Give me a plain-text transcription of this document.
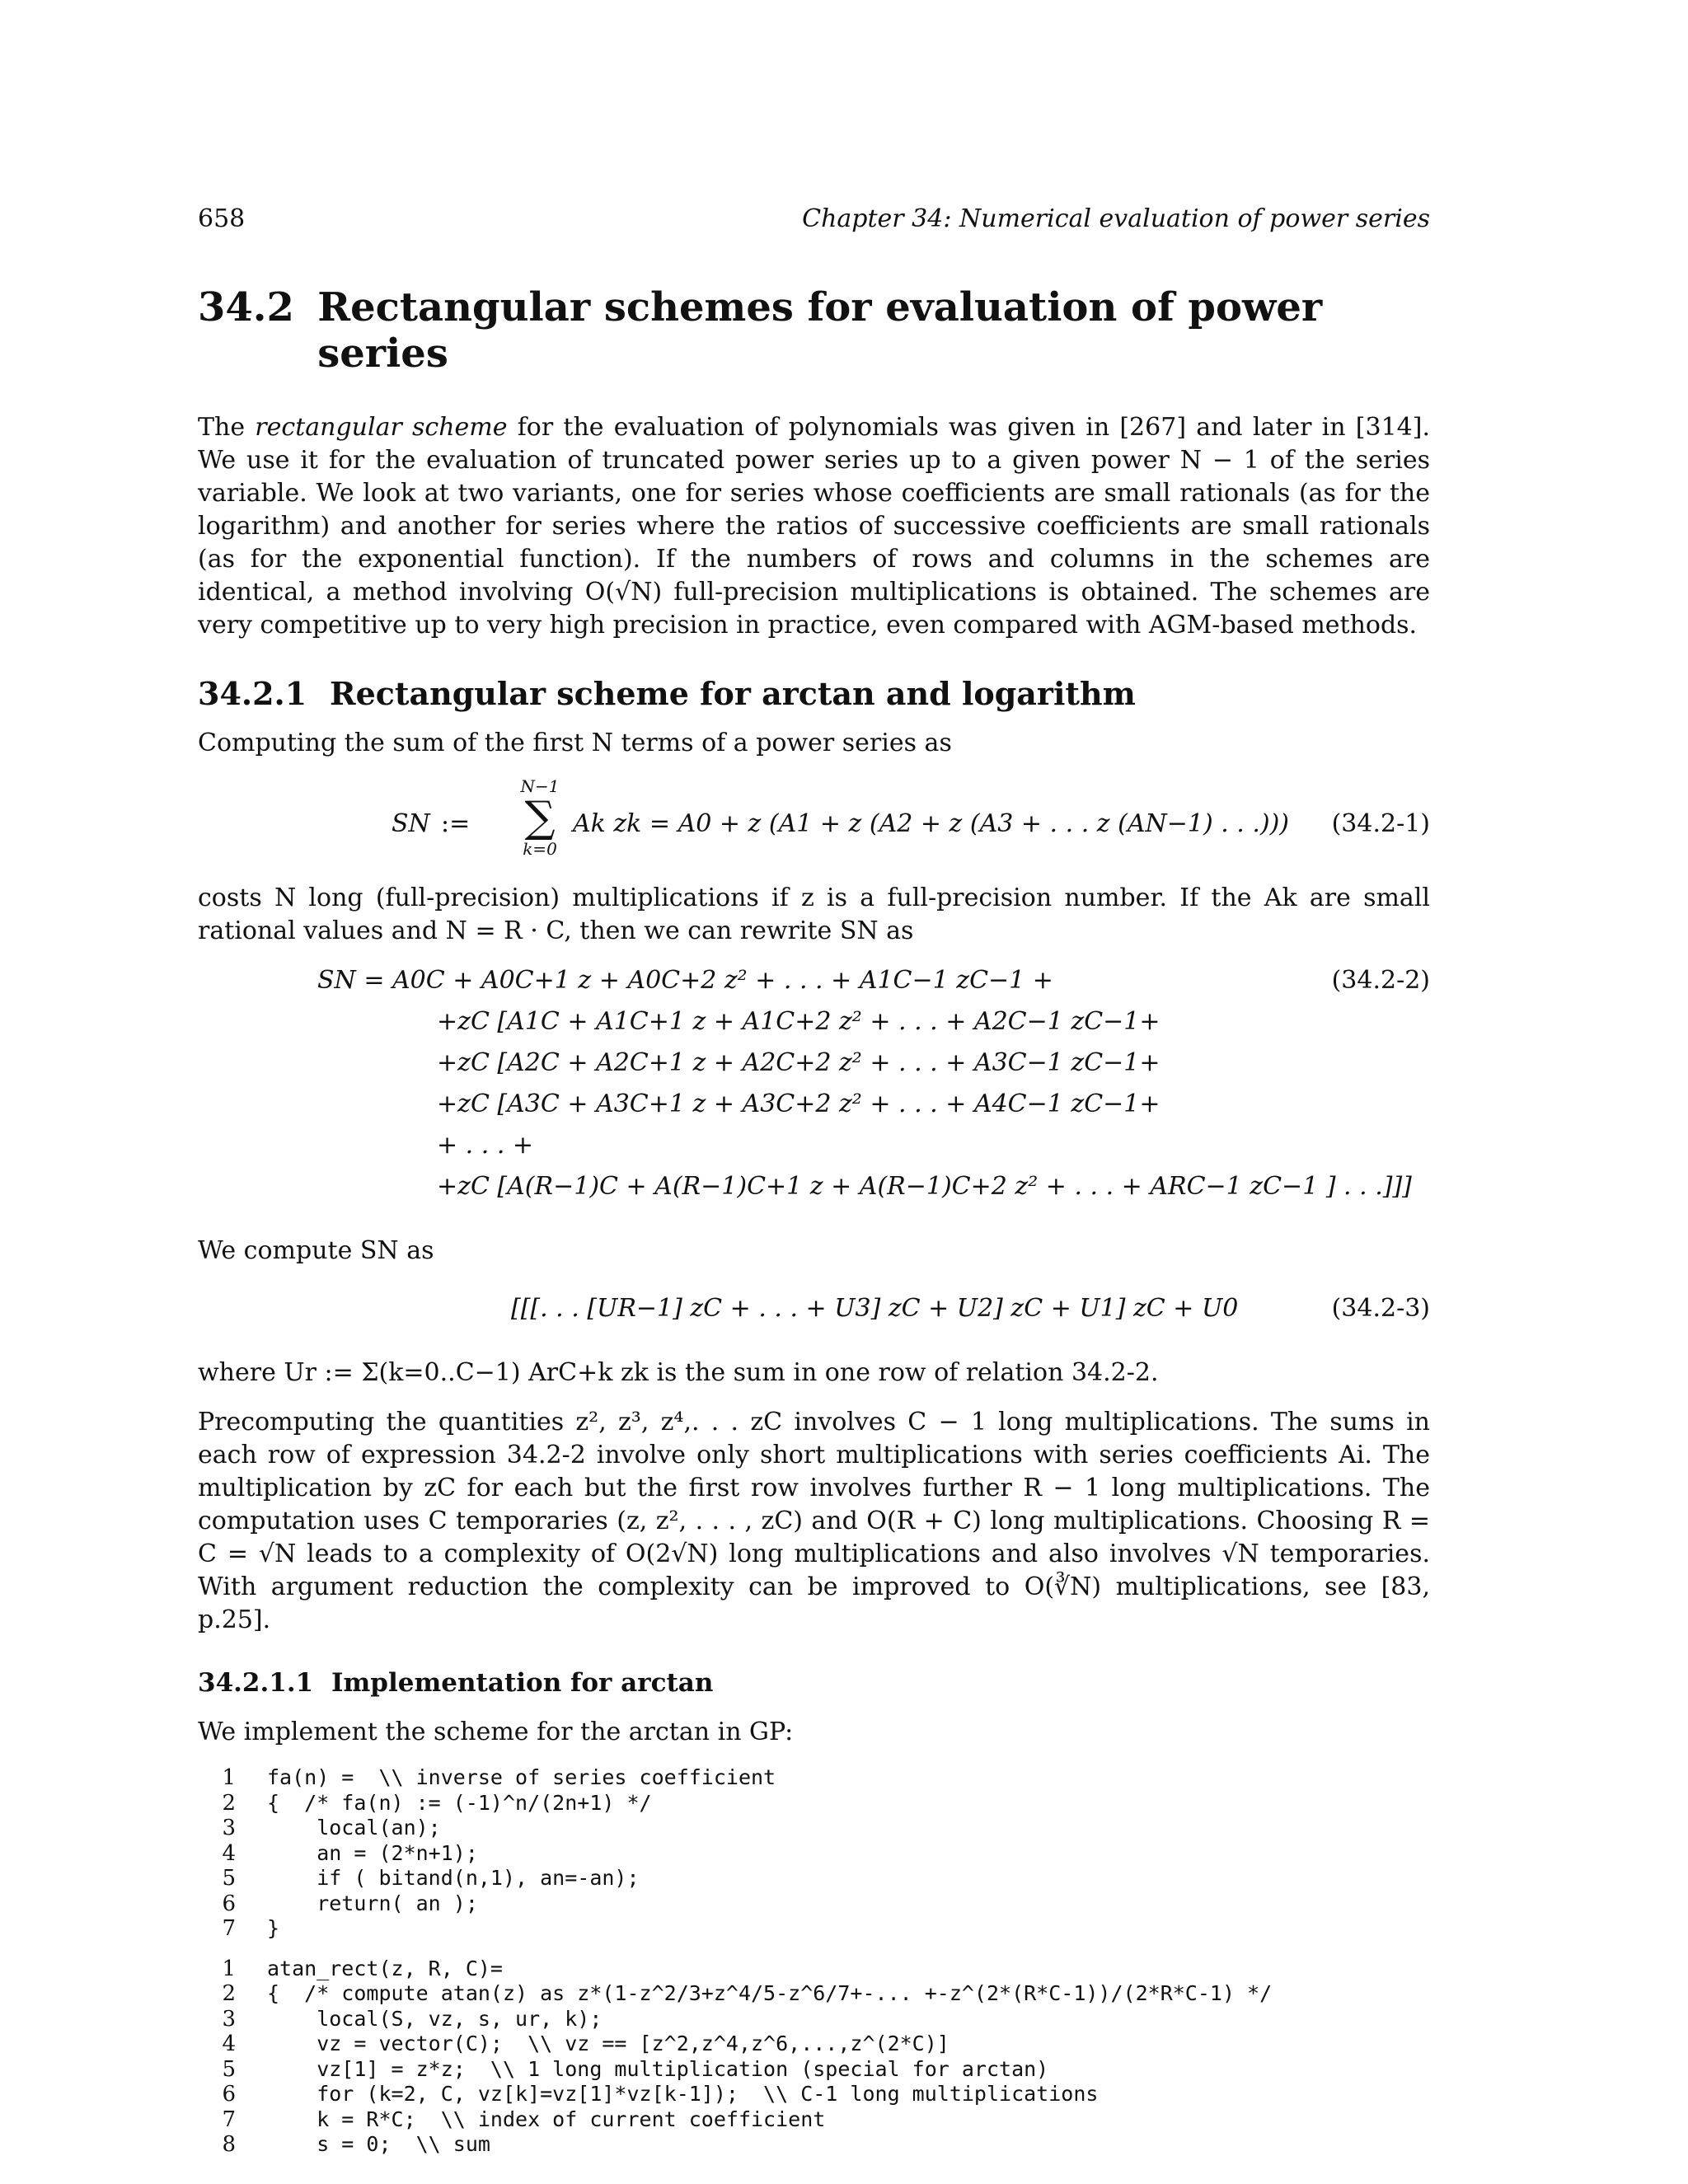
658	Chapter 34: Numerical evaluation of power series
34.2 Rectangular schemes for evaluation of power series

The rectangular scheme for the evaluation of polynomials was given in [267] and later in [314]. We use it for the evaluation of truncated power series up to a given power N − 1 of the series variable. We look at two variants, one for series whose coefficients are small rationals (as for the logarithm) and another for series where the ratios of successive coefficients are small rationals (as for the exponential function). If the numbers of rows and columns in the schemes are identical, a method involving O(√N) full-precision multiplications is obtained. The schemes are very competitive up to very high precision in practice, even compared with AGM-based methods.

34.2.1 Rectangular scheme for arctan and logarithm

Computing the sum of the first N terms of a power series as

SN :=
N−1
∑
k=0
Ak zk = A0 + z (A1 + z (A2 + z (A3 + . . . z (AN−1) . . .))) (34.2-1)

costs N long (full-precision) multiplications if z is a full-precision number. If the Ak are small rational values and N = R · C, then we can rewrite SN as

SN = A0C + A0C+1 z + A0C+2 z² + . . . + A1C−1 zC−1 +
+zC [A1C + A1C+1 z + A1C+2 z² + . . . + A2C−1 zC−1+
+zC [A2C + A2C+1 z + A2C+2 z² + . . . + A3C−1 zC−1+
+zC [A3C + A3C+1 z + A3C+2 z² + . . . + A4C−1 zC−1+
+ . . . +
+zC [A(R−1)C + A(R−1)C+1 z + A(R−1)C+2 z² + . . . + ARC−1 zC−1 ] . . .]]]
(34.2-2)

We compute SN as

[[[. . . [UR−1] zC + . . . + U3] zC + U2] zC + U1] zC + U0	(34.2-3)

where Ur := Σ(k=0..C−1) ArC+k zk is the sum in one row of relation 34.2-2.

Precomputing the quantities z², z³, z⁴,. . . zC involves C − 1 long multiplications. The sums in each row of expression 34.2-2 involve only short multiplications with series coefficients Ai. The multiplication by zC for each but the first row involves further R − 1 long multiplications. The computation uses C temporaries (z, z², . . . , zC) and O(R + C) long multiplications. Choosing R = C = √N leads to a complexity of O(2√N) long multiplications and also involves √N temporaries. With argument reduction the complexity can be improved to O(∛N) multiplications, see [83, p.25].

34.2.1.1 Implementation for arctan

We implement the scheme for the arctan in GP:

1	fa(n) =  \\ inverse of series coefficient
2	{  /* fa(n) := (-1)^n/(2n+1) */
3	local(an);
4	an = (2*n+1);
5	if ( bitand(n,1), an=-an);
6	return( an );
7	}
1	atan_rect(z, R, C)=
2	{  /* compute atan(z) as z*(1-z^2/3+z^4/5-z^6/7+-... +-z^(2*(R*C-1))/(2*R*C-1) */
3	local(S, vz, s, ur, k);
4	vz = vector(C);  \\ vz == [z^2,z^4,z^6,...,z^(2*C)]
5	vz[1] = z*z;  \\ 1 long multiplication (special for arctan)
6	for (k=2, C, vz[k]=vz[1]*vz[k-1]);  \\ C-1 long multiplications
7	k = R*C;  \\ index of current coefficient
8	s = 0;  \\ sum
